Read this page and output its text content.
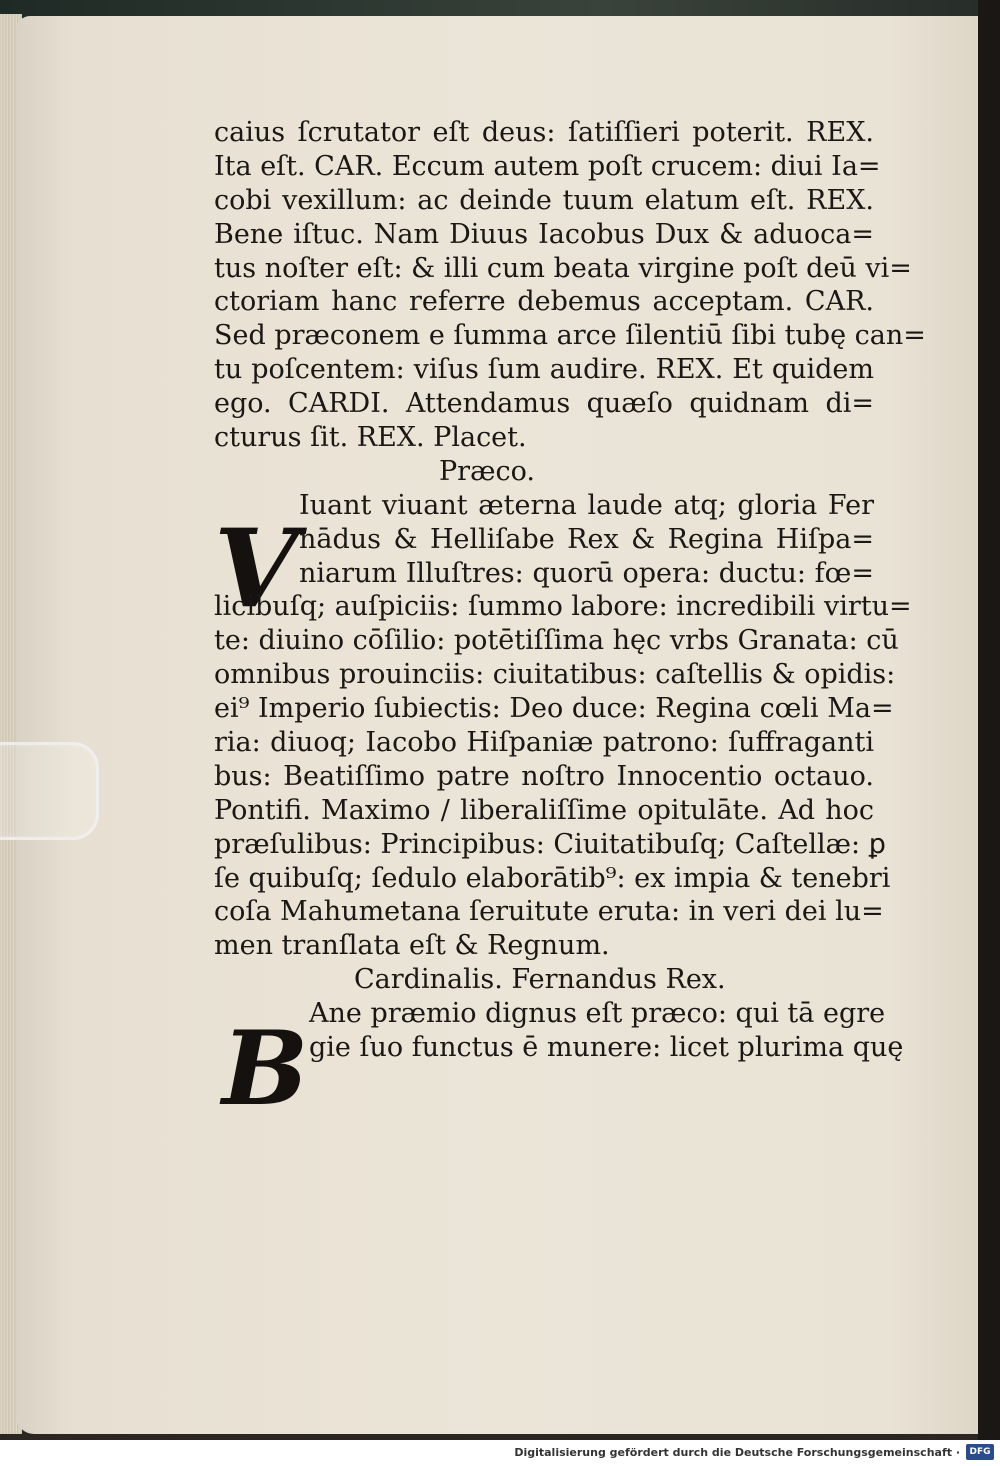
V
B
caius ſcrutator eſt deus: ſatiſſieri poterit. REX.
Ita eſt. CAR. Eccum autem poſt crucem: diui Ia=
cobi vexillum: ac deinde tuum elatum eſt. REX.
Bene iſtuc. Nam Diuus Iacobus Dux & aduoca=
tus noſter eſt: & illi cum beata virgine poſt deū vi=
ctoriam hanc referre debemus acceptam. CAR.
Sed præconem e ſumma arce ſilentiū ſibi tubę can=
tu poſcentem: viſus ſum audire. REX. Et quidem
ego. CARDI. Attendamus quæſo quidnam di=
cturus ſit. REX. Placet.
Præco.
Iuant viuant æterna laude atq; gloria Fer
nādus & Helliſabe Rex & Regina Hiſpa=
niarum Illuſtres: quorū opera: ductu: fœ=
licibuſq; auſpiciis: ſummo labore: incredibili virtu=
te: diuino cōſilio: potētiſſima hęc vrbs Granata: cū
omnibus prouinciis: ciuitatibus: caſtellis & opidis:
ei⁹ Imperio ſubiectis: Deo duce: Regina cœli Ma=
ria: diuoq; Iacobo Hiſpaniæ patrono: ſuffraganti
bus: Beatiſſimo patre noſtro Innocentio octauo.
Pontifi. Maximo / liberaliſſime opitulāte. Ad hoc
præſulibus: Principibus: Ciuitatibuſq; Caſtellæ: ꝑ
ſe quibuſq; ſedulo elaborātib⁹: ex impia & tenebri
coſa Mahumetana ſeruitute eruta: in veri dei lu=
men tranſlata eſt & Regnum.
Cardinalis. Fernandus Rex.
Ane præmio dignus eſt præco: qui tā egre
gie ſuo functus ē munere: licet plurima quę
Digitalisierung gefördert durch die Deutsche Forschungsgemeinschaft ·	DFG
